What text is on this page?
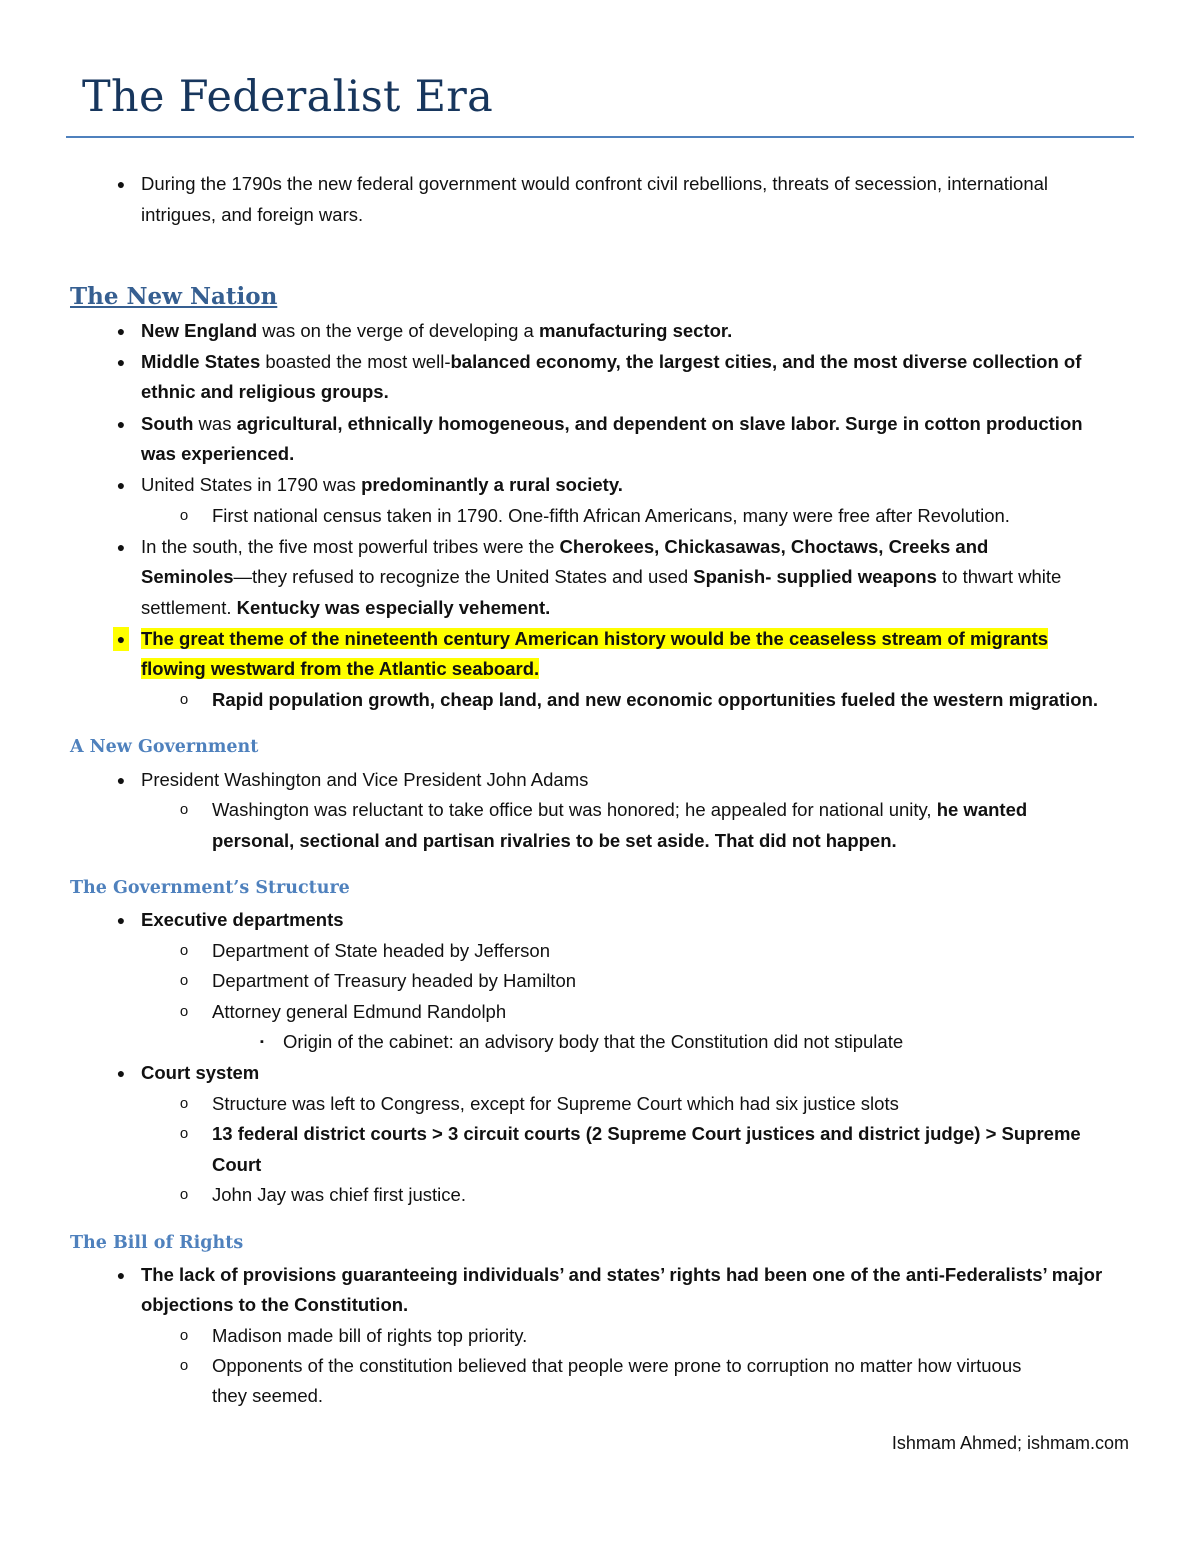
The Federalist Era
● During the 1790s the new federal government would confront civil rebellions, threats of secession, international
intrigues, and foreign wars.
The New Nation
● New England was on the verge of developing a manufacturing sector.
● Middle States boasted the most well-balanced economy, the largest cities, and the most diverse collection of
ethnic and religious groups.
● South was agricultural, ethnically homogeneous, and dependent on slave labor. Surge in cotton production
was experienced.
● United States in 1790 was predominantly a rural society.
o First national census taken in 1790. One-fifth African Americans, many were free after Revolution.
● In the south, the five most powerful tribes were the Cherokees, Chickasawas, Choctaws, Creeks and
Seminoles—they refused to recognize the United States and used Spanish- supplied weapons to thwart white
settlement. Kentucky was especially vehement.
● The great theme of the nineteenth century American history would be the ceaseless stream of migrants
flowing westward from the Atlantic seaboard.
o Rapid population growth, cheap land, and new economic opportunities fueled the western migration.
A New Government
● President Washington and Vice President John Adams
o Washington was reluctant to take office but was honored; he appealed for national unity, he wanted
personal, sectional and partisan rivalries to be set aside. That did not happen.
The Government’s Structure
● Executive departments
o Department of State headed by Jefferson
o Department of Treasury headed by Hamilton
o Attorney general Edmund Randolph
▪	Origin of the cabinet: an advisory body that the Constitution did not stipulate
● Court system
o Structure was left to Congress, except for Supreme Court which had six justice slots
o 13 federal district courts > 3 circuit courts (2 Supreme Court justices and district judge) > Supreme
Court
o John Jay was chief first justice.
The Bill of Rights
● The lack of provisions guaranteeing individuals’ and states’ rights had been one of the anti-Federalists’ major
objections to the Constitution.
o Madison made bill of rights top priority.
o Opponents of the constitution believed that people were prone to corruption no matter how virtuous
they seemed.
Ishmam Ahmed; ishmam.com
